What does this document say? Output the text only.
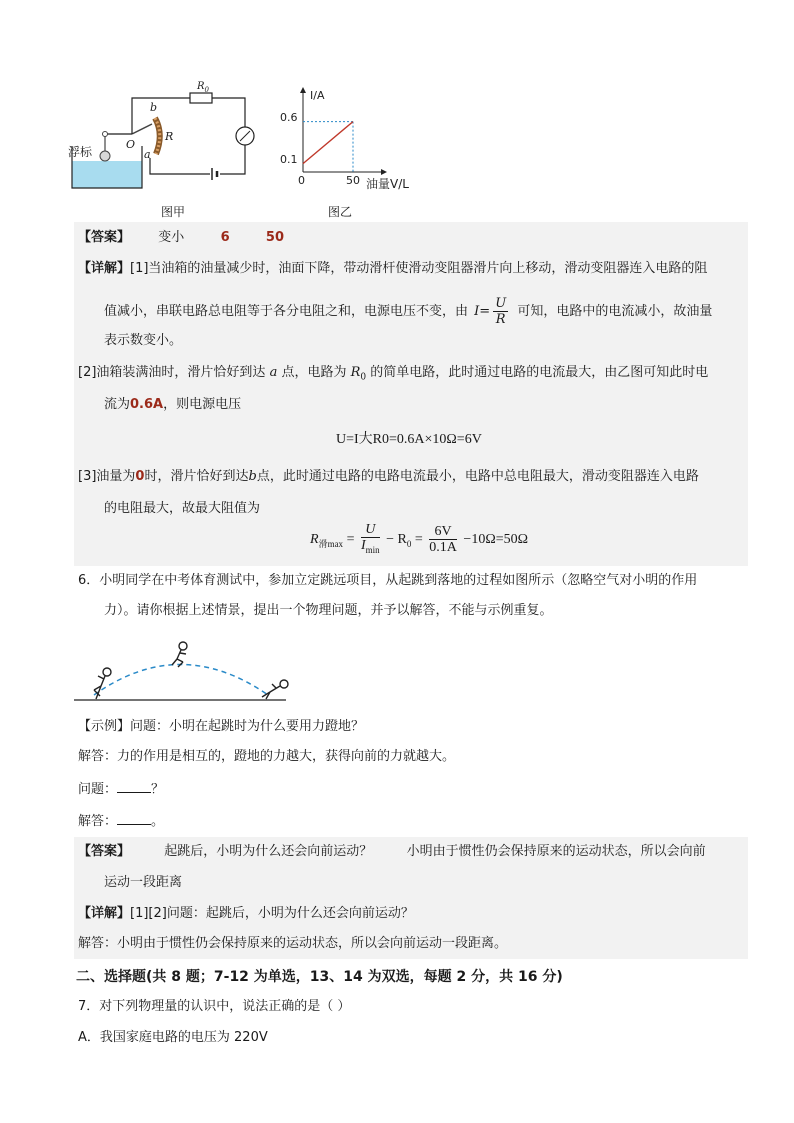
浮标
$R_0$
R
b
a
O
图甲
I/A
0.6
0.1
0	50 油量V/L
图乙
【答案】 变小	6	50
【详解】[1]当油箱的油量减少时，油面下降，带动滑杆使滑动变阻器滑片向上移动，滑动变阻器连入电路的阻
值减小，串联电路总电阻等于各分电阻之和，电源电压不变，由 $I= \frac{U}{R}$ 可知，电路中的电流减小，故油量
表示数变小。
[2]油箱装满油时，滑片恰好到达 a 点，电路为 $R_0$ 的简单电路，此时通过电路的电流最大，由乙图可知此时电
流为0.6A，则电源电压
U=I大R0=0.6A×10Ω=6V
[3]油量为0时，滑片恰好到达b点，此时通过电路的电路电流最小，电路中总电阻最大，滑动变阻器连入电路
的电阻最大，故最大阻值为
$R_{滑max} = \frac{U}{I_{min}} - R_0 = \frac{6V}{0.1A} -10\Omega=50\Omega$
6．小明同学在中考体育测试中，参加立定跳远项目，从起跳到落地的过程如图所示（忽略空气对小明的作用
力）。请你根据上述情景，提出一个物理问题，并予以解答，不能与示例重复。
【示例】问题：小明在起跳时为什么要用力蹬地？
解答：力的作用是相互的，蹬地的力越大，获得向前的力就越大。
问题：	？
解答：	。
【答案】	起跳后，小明为什么还会向前运动？	小明由于惯性仍会保持原来的运动状态，所以会向前
运动一段距离
【详解】[1][2]问题：起跳后，小明为什么还会向前运动？
解答：小明由于惯性仍会保持原来的运动状态，所以会向前运动一段距离。
二、选择题(共 8 题；7-12 为单选，13、14 为双选，每题 2 分，共 16 分)
7．对下列物理量的认识中，说法正确的是（ ）
A．我国家庭电路的电压为 220V
